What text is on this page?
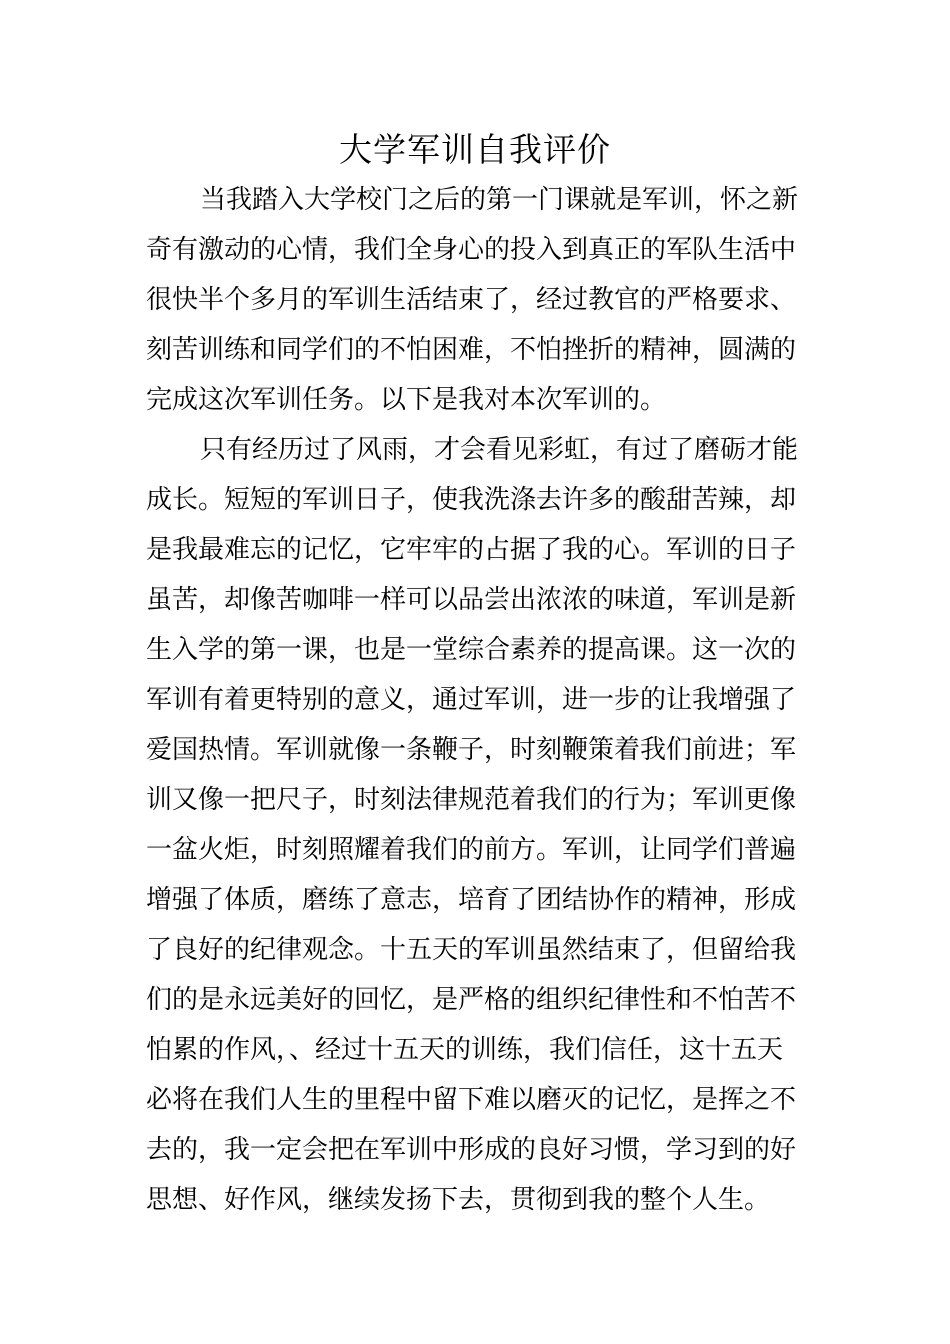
大学军训自我评价
当我踏入大学校门之后的第一门课就是军训，怀之新
奇有激动的心情，我们全身心的投入到真正的军队生活中
很快半个多月的军训生活结束了，经过教官的严格要求、
刻苦训练和同学们的不怕困难，不怕挫折的精神，圆满的
完成这次军训任务。以下是我对本次军训的。
只有经历过了风雨，才会看见彩虹，有过了磨砺才能
成长。短短的军训日子，使我洗涤去许多的酸甜苦辣，却
是我最难忘的记忆，它牢牢的占据了我的心。军训的日子
虽苦，却像苦咖啡一样可以品尝出浓浓的味道，军训是新
生入学的第一课，也是一堂综合素养的提高课。这一次的
军训有着更特别的意义，通过军训，进一步的让我增强了
爱国热情。军训就像一条鞭子，时刻鞭策着我们前进；军
训又像一把尺子，时刻法律规范着我们的行为；军训更像
一盆火炬，时刻照耀着我们的前方。军训，让同学们普遍
增强了体质，磨练了意志，培育了团结协作的精神，形成
了良好的纪律观念。十五天的军训虽然结束了，但留给我
们的是永远美好的回忆，是严格的组织纪律性和不怕苦不
怕累的作风，、经过十五天的训练，我们信任，这十五天
必将在我们人生的里程中留下难以磨灭的记忆，是挥之不
去的，我一定会把在军训中形成的良好习惯，学习到的好
思想、好作风，继续发扬下去，贯彻到我的整个人生。
